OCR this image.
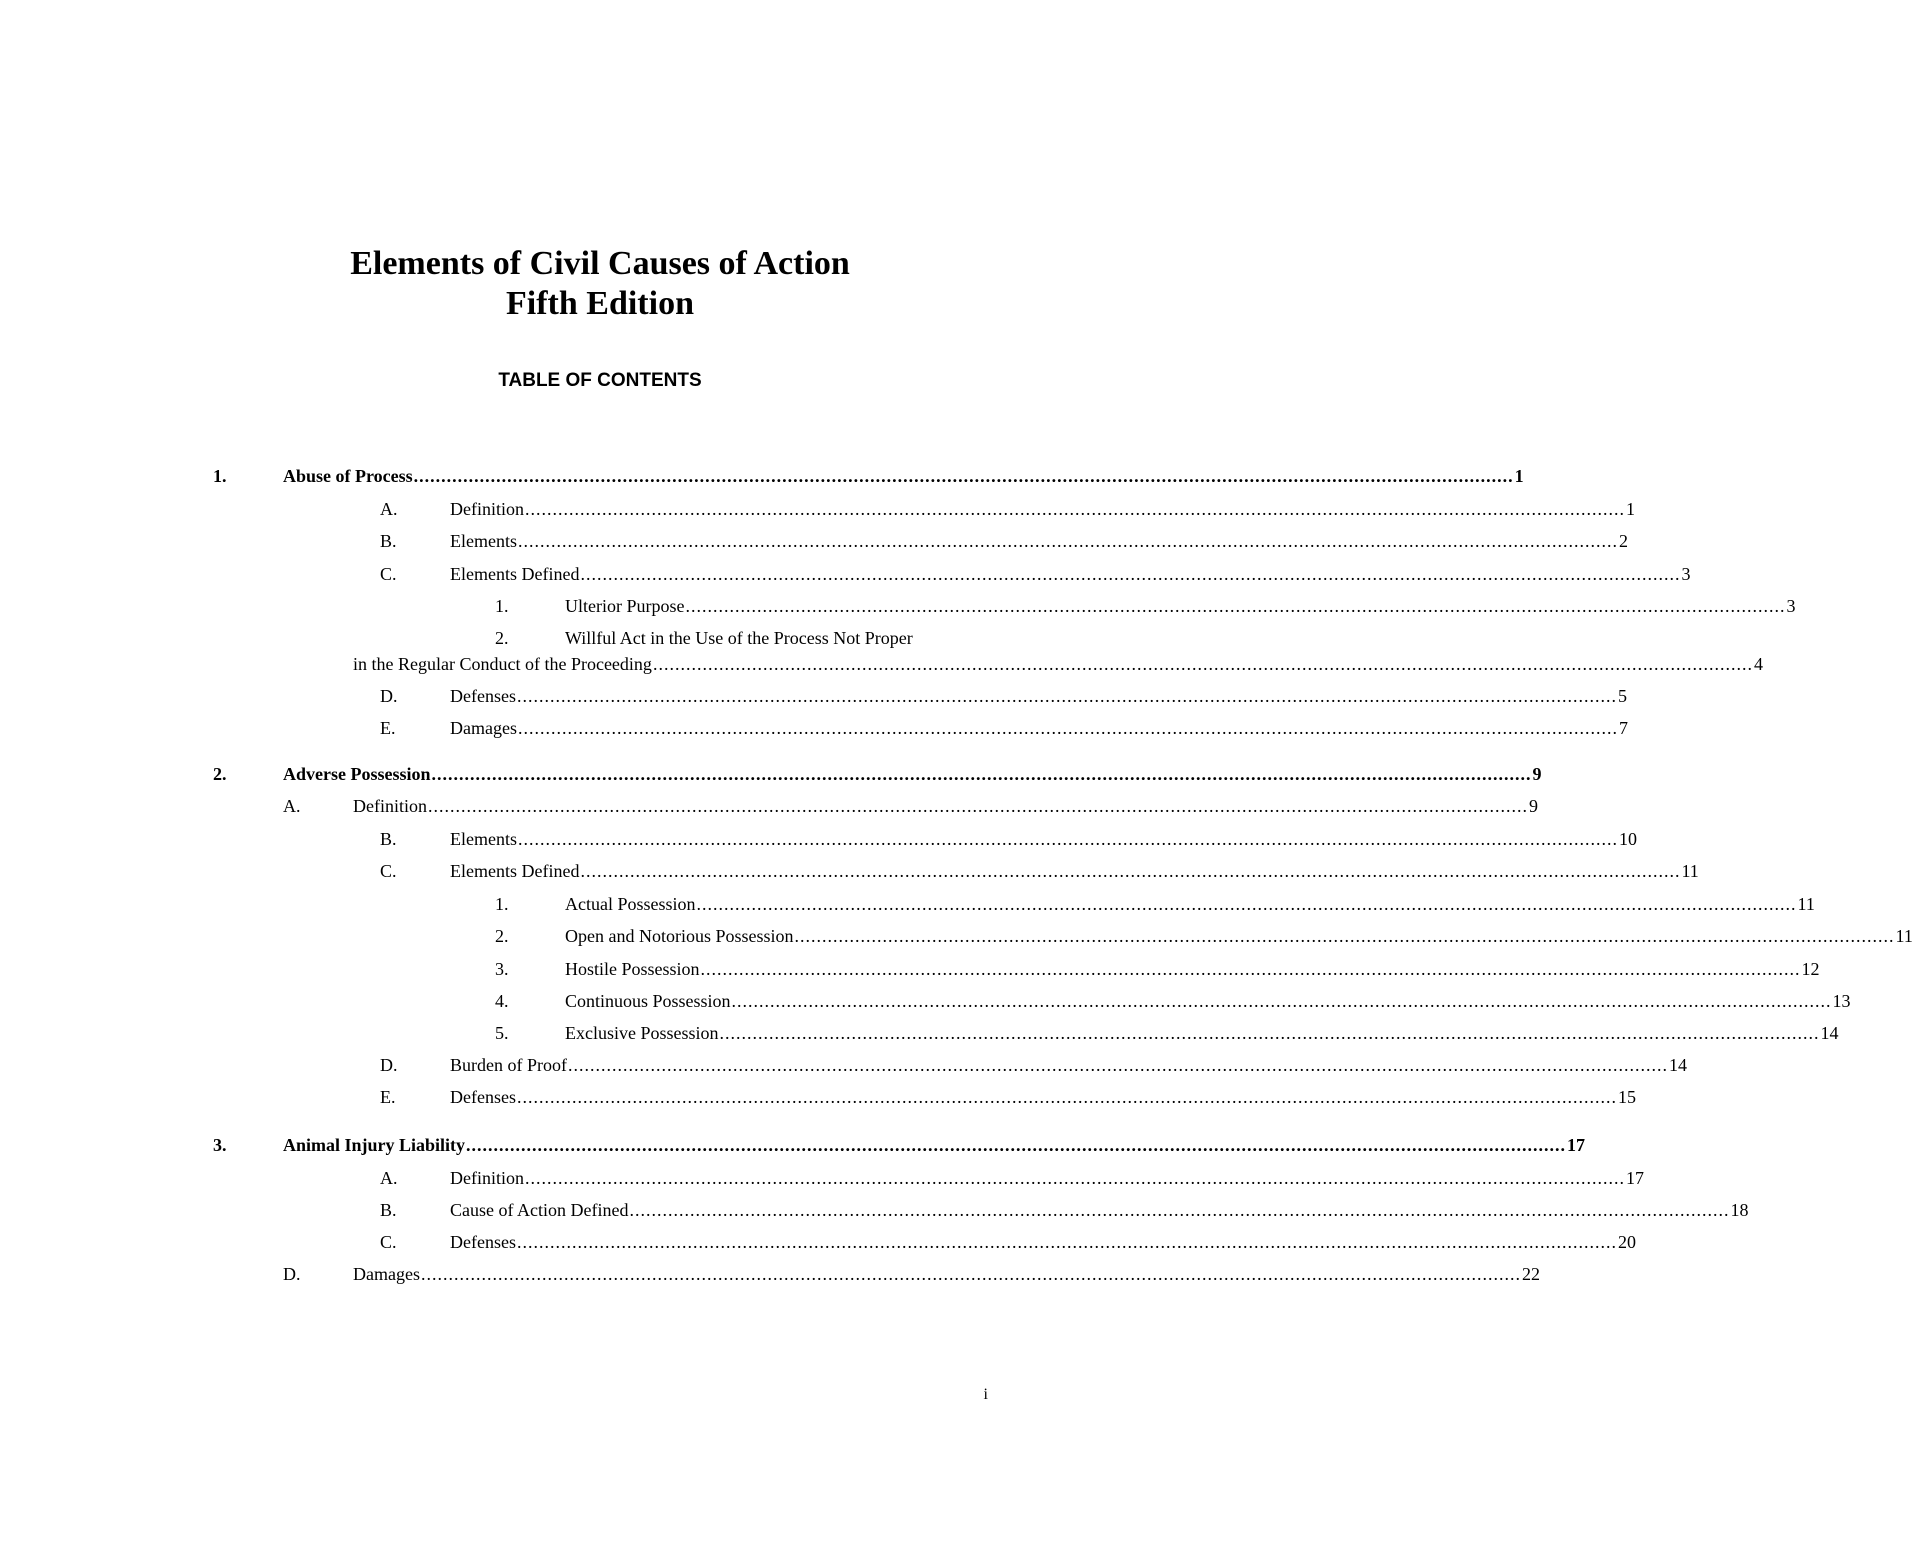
Elements of Civil Causes of Action
Fifth Edition
TABLE OF CONTENTS
1.	Abuse of Process ........................................................................................................................................................................................................ 1
A.	Definition ........................................................................................................................................................................................................ 1
B.	Elements ........................................................................................................................................................................................................ 2
C.	Elements Defined ........................................................................................................................................................................................................ 3
1.	Ulterior Purpose ........................................................................................................................................................................................................ 3
2.	Willful Act in the Use of the Process Not Proper
in the Regular Conduct of the Proceeding ........................................................................................................................................................................................................ 4
D.	Defenses ........................................................................................................................................................................................................ 5
E.	Damages ........................................................................................................................................................................................................ 7
2.	Adverse Possession ........................................................................................................................................................................................................ 9
A.	Definition ........................................................................................................................................................................................................ 9
B.	Elements ........................................................................................................................................................................................................ 10
C.	Elements Defined ........................................................................................................................................................................................................ 11
1.	Actual Possession ........................................................................................................................................................................................................ 11
2.	Open and Notorious Possession ........................................................................................................................................................................................................ 11
3.	Hostile Possession ........................................................................................................................................................................................................ 12
4.	Continuous Possession ........................................................................................................................................................................................................ 13
5.	Exclusive Possession ........................................................................................................................................................................................................ 14
D.	Burden of Proof ........................................................................................................................................................................................................ 14
E.	Defenses ........................................................................................................................................................................................................ 15
3.	Animal Injury Liability ........................................................................................................................................................................................................ 17
A.	Definition ........................................................................................................................................................................................................ 17
B.	Cause of Action Defined ........................................................................................................................................................................................................ 18
C.	Defenses ........................................................................................................................................................................................................ 20
D.	Damages ........................................................................................................................................................................................................ 22
i
